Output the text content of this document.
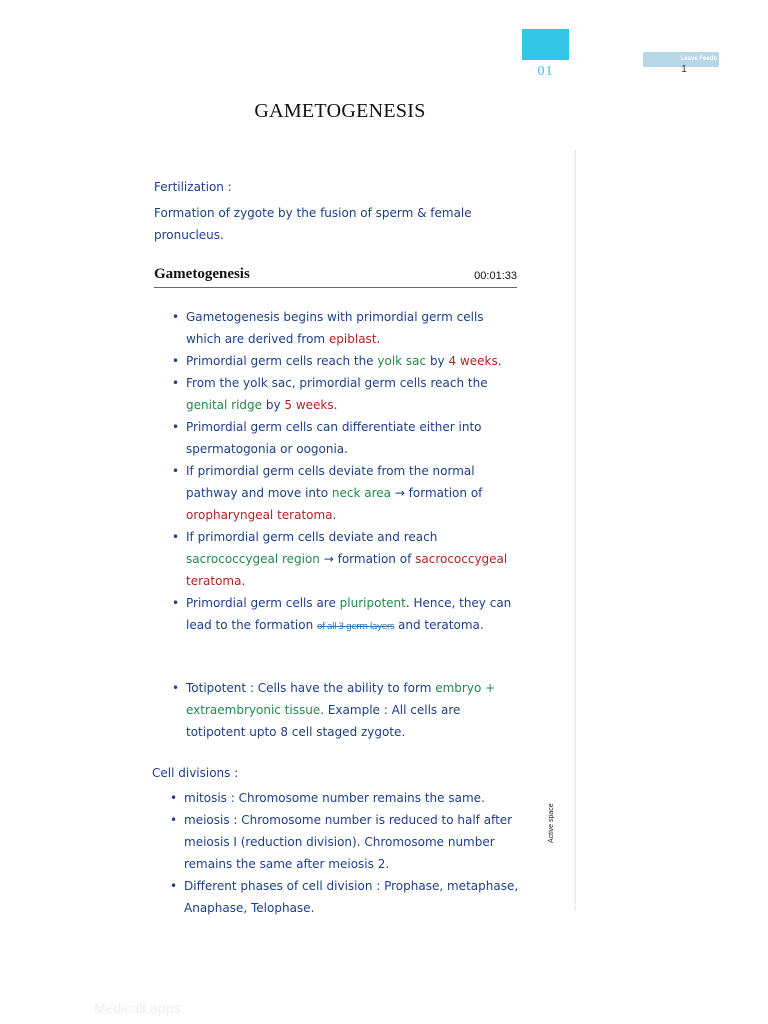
01
Leave Feedb
1
GAMETOGENESIS
Fertilization :
Formation of zygote by the fusion of sperm & female pronucleus.
Gametogenesis	00:01:33
• Gametogenesis begins with primordial germ cells which are derived from epiblast.
• Primordial germ cells reach the yolk sac by 4 weeks.
• From the yolk sac, primordial germ cells reach the genital ridge by 5 weeks.
• Primordial germ cells can differentiate either into spermatogonia or oogonia.
• If primordial germ cells deviate from the normal pathway and move into neck area → formation of oropharyngeal teratoma.
• If primordial germ cells deviate and reach sacrococcygeal region → formation of sacrococcygeal teratoma.
• Primordial germ cells are pluripotent. Hence, they can lead to the formation of all 3 germ layers and teratoma.
• Totipotent : Cells have the ability to form embryo + extraembryonic tissue. Example : All cells are totipotent upto 8 cell staged zygote.
Cell divisions :
• mitosis : Chromosome number remains the same.
• meiosis : Chromosome number is reduced to half after meiosis I (reduction division). Chromosome number remains the same after meiosis 2.
• Different phases of cell division : Prophase, metaphase, Anaphase, Telophase.
Active space
MedicalLapps
